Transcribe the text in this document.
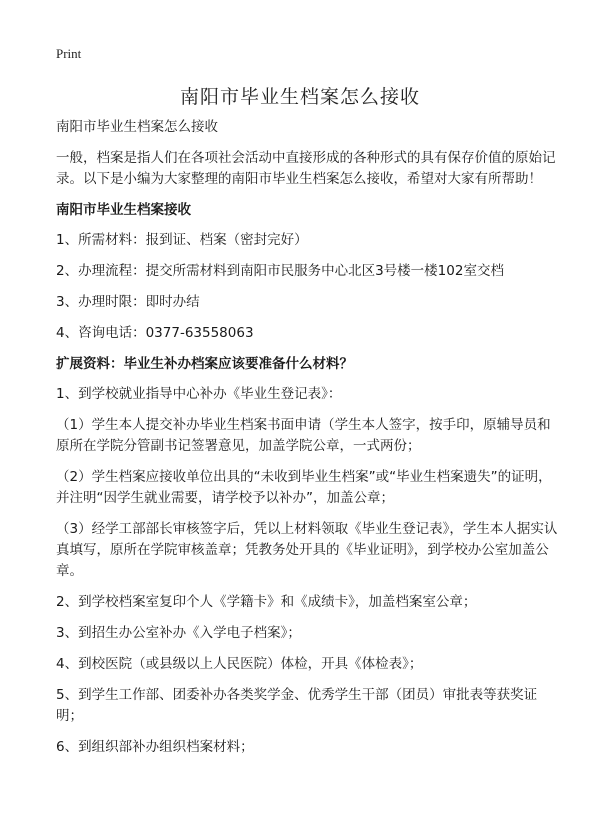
Print
南阳市毕业生档案怎么接收

南阳市毕业生档案怎么接收

一般，档案是指人们在各项社会活动中直接形成的各种形式的具有保存价值的原始记录。以下是小编为大家整理的南阳市毕业生档案怎么接收，希望对大家有所帮助！

南阳市毕业生档案接收

1、所需材料：报到证、档案（密封完好）

2、办理流程：提交所需材料到南阳市民服务中心北区3号楼一楼102室交档

3、办理时限：即时办结

4、咨询电话：0377-63558063

扩展资料：毕业生补办档案应该要准备什么材料？

1、到学校就业指导中心补办《毕业生登记表》：

（1）学生本人提交补办毕业生档案书面申请（学生本人签字，按手印，原辅导员和原所在学院分管副书记签署意见，加盖学院公章，一式两份；

（2）学生档案应接收单位出具的“未收到毕业生档案”或“毕业生档案遗失”的证明，并注明“因学生就业需要，请学校予以补办”，加盖公章；

（3）经学工部部长审核签字后，凭以上材料领取《毕业生登记表》，学生本人据实认真填写，原所在学院审核盖章；凭教务处开具的《毕业证明》，到学校办公室加盖公章。

2、到学校档案室复印个人《学籍卡》和《成绩卡》，加盖档案室公章；

3、到招生办公室补办《入学电子档案》；

4、到校医院（或县级以上人民医院）体检，开具《体检表》；

5、到学生工作部、团委补办各类奖学金、优秀学生干部（团员）审批表等获奖证明；

6、到组织部补办组织档案材料；
